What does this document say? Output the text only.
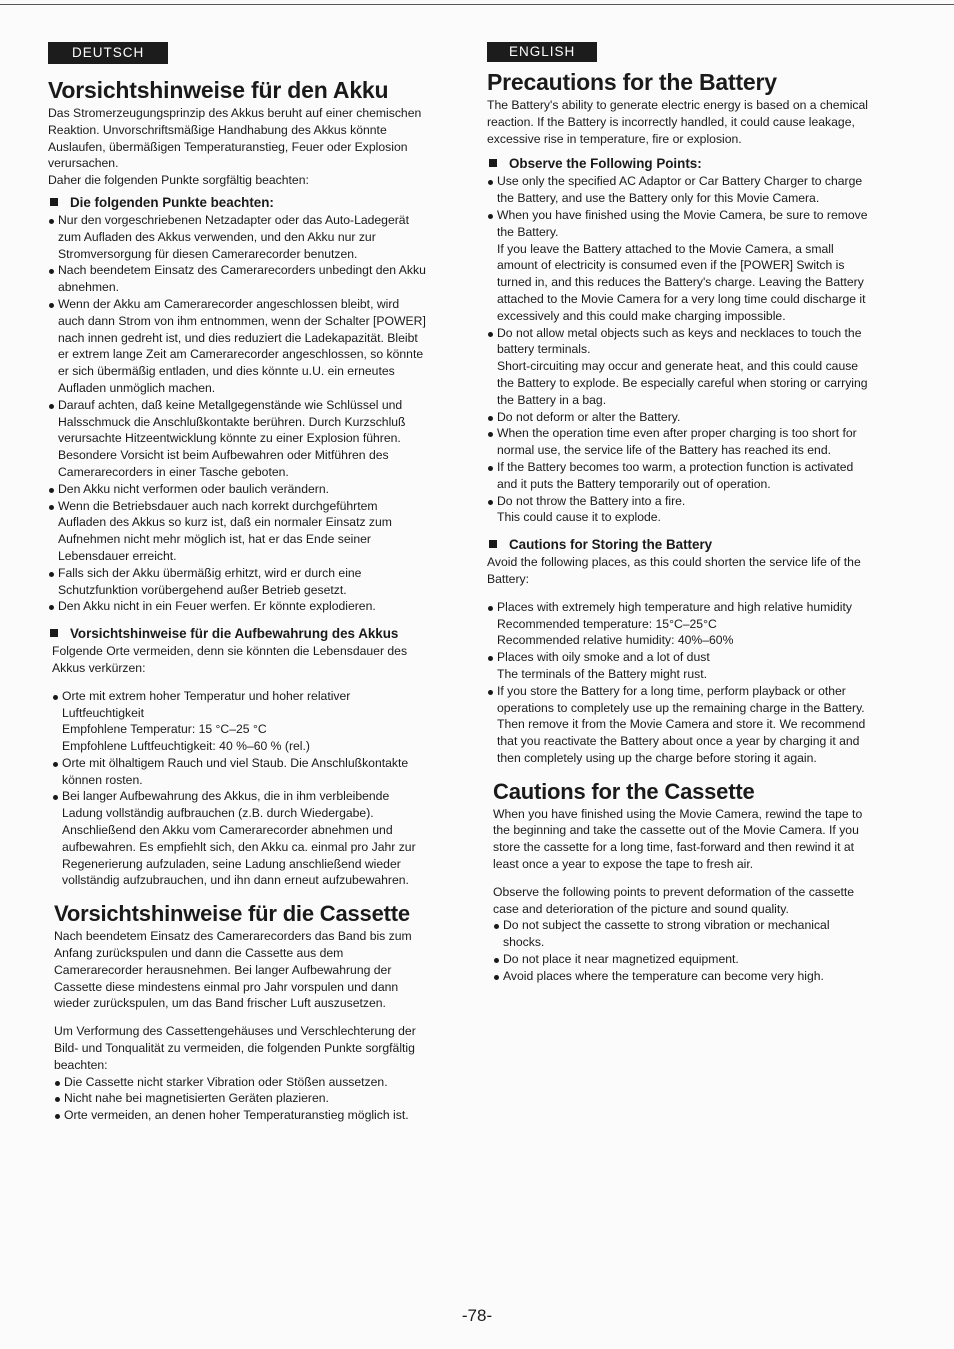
DEUTSCH
Vorsichtshinweise für den Akku

Das Stromerzeugungsprinzip des Akkus beruht auf einer chemischen Reaktion. Unvorschriftsmäßige Handhabung des Akkus könnte Auslaufen, übermäßigen Temperaturanstieg, Feuer oder Explosion verursachen.

Daher die folgenden Punkte sorgfältig beachten:

Die folgenden Punkte beachten:
Nur den vorgeschriebenen Netzadapter oder das Auto-Ladegerät zum Aufladen des Akkus verwenden, und den Akku nur zur Stromversorgung für diesen Camerarecorder benutzen.
Nach beendetem Einsatz des Camerarecorders unbedingt den Akku abnehmen.
Wenn der Akku am Camerarecorder angeschlossen bleibt, wird auch dann Strom von ihm entnommen, wenn der Schalter [POWER] nach innen gedreht ist, und dies reduziert die Ladekapazität. Bleibt er extrem lange Zeit am Camerarecorder angeschlossen, so könnte er sich übermäßig entladen, und dies könnte u.U. ein erneutes Aufladen unmöglich machen.
Darauf achten, daß keine Metallgegenstände wie Schlüssel und Halsschmuck die Anschlußkontakte berühren. Durch Kurzschluß verursachte Hitzeentwicklung könnte zu einer Explosion führen. Besondere Vorsicht ist beim Aufbewahren oder Mitführen des Camerarecorders in einer Tasche geboten.
Den Akku nicht verformen oder baulich verändern.
Wenn die Betriebsdauer auch nach korrekt durchgeführtem Aufladen des Akkus so kurz ist, daß ein normaler Einsatz zum Aufnehmen nicht mehr möglich ist, hat er das Ende seiner Lebensdauer erreicht.
Falls sich der Akku übermäßig erhitzt, wird er durch eine Schutzfunktion vorübergehend außer Betrieb gesetzt.
Den Akku nicht in ein Feuer werfen. Er könnte explodieren.
Vorsichtshinweise für die Aufbewahrung des Akkus

Folgende Orte vermeiden, denn sie könnten die Lebensdauer des Akkus verkürzen:

Orte mit extrem hoher Temperatur und hoher relativer Luftfeuchtigkeit
Empfohlene Temperatur: 15 °C–25 °C
Empfohlene Luftfeuchtigkeit: 40 %–60 % (rel.)
Orte mit ölhaltigem Rauch und viel Staub. Die Anschlußkontakte können rosten.
Bei langer Aufbewahrung des Akkus, die in ihm verbleibende Ladung vollständig aufbrauchen (z.B. durch Wiedergabe). Anschließend den Akku vom Camerarecorder abnehmen und aufbewahren. Es empfiehlt sich, den Akku ca. einmal pro Jahr zur Regenerierung aufzuladen, seine Ladung anschließend wieder vollständig aufzubrauchen, und ihn dann erneut aufzubewahren.
Vorsichtshinweise für die Cassette

Nach beendetem Einsatz des Camerarecorders das Band bis zum Anfang zurückspulen und dann die Cassette aus dem Camerarecorder herausnehmen. Bei langer Aufbewahrung der Cassette diese mindestens einmal pro Jahr vorspulen und dann wieder zurückspulen, um das Band frischer Luft auszusetzen.

Um Verformung des Cassettengehäuses und Verschlechterung der Bild- und Tonqualität zu vermeiden, die folgenden Punkte sorgfältig beachten:

Die Cassette nicht starker Vibration oder Stößen aussetzen.
Nicht nahe bei magnetisierten Geräten plazieren.
Orte vermeiden, an denen hoher Temperaturanstieg möglich ist.
ENGLISH
Precautions for the Battery

The Battery's ability to generate electric energy is based on a chemical reaction. If the Battery is incorrectly handled, it could cause leakage, excessive rise in temperature, fire or explosion.

Observe the Following Points:
Use only the specified AC Adaptor or Car Battery Charger to charge the Battery, and use the Battery only for this Movie Camera.
When you have finished using the Movie Camera, be sure to remove the Battery.
If you leave the Battery attached to the Movie Camera, a small amount of electricity is consumed even if the [POWER] Switch is turned in, and this reduces the Battery's charge. Leaving the Battery attached to the Movie Camera for a very long time could discharge it excessively and this could make charging impossible.
Do not allow metal objects such as keys and necklaces to touch the battery terminals.
Short-circuiting may occur and generate heat, and this could cause the Battery to explode. Be especially careful when storing or carrying the Battery in a bag.
Do not deform or alter the Battery.
When the operation time even after proper charging is too short for normal use, the service life of the Battery has reached its end.
If the Battery becomes too warm, a protection function is activated and it puts the Battery temporarily out of operation.
Do not throw the Battery into a fire.
This could cause it to explode.
Cautions for Storing the Battery

Avoid the following places, as this could shorten the service life of the Battery:

Places with extremely high temperature and high relative humidity
Recommended temperature: 15°C–25°C
Recommended relative humidity: 40%–60%
Places with oily smoke and a lot of dust
The terminals of the Battery might rust.
If you store the Battery for a long time, perform playback or other operations to completely use up the remaining charge in the Battery. Then remove it from the Movie Camera and store it. We recommend that you reactivate the Battery about once a year by charging it and then completely using up the charge before storing it again.
Cautions for the Cassette

When you have finished using the Movie Camera, rewind the tape to the beginning and take the cassette out of the Movie Camera. If you store the cassette for a long time, fast-forward and then rewind it at least once a year to expose the tape to fresh air.

Observe the following points to prevent deformation of the cassette case and deterioration of the picture and sound quality.

Do not subject the cassette to strong vibration or mechanical shocks.
Do not place it near magnetized equipment.
Avoid places where the temperature can become very high.
-78-
